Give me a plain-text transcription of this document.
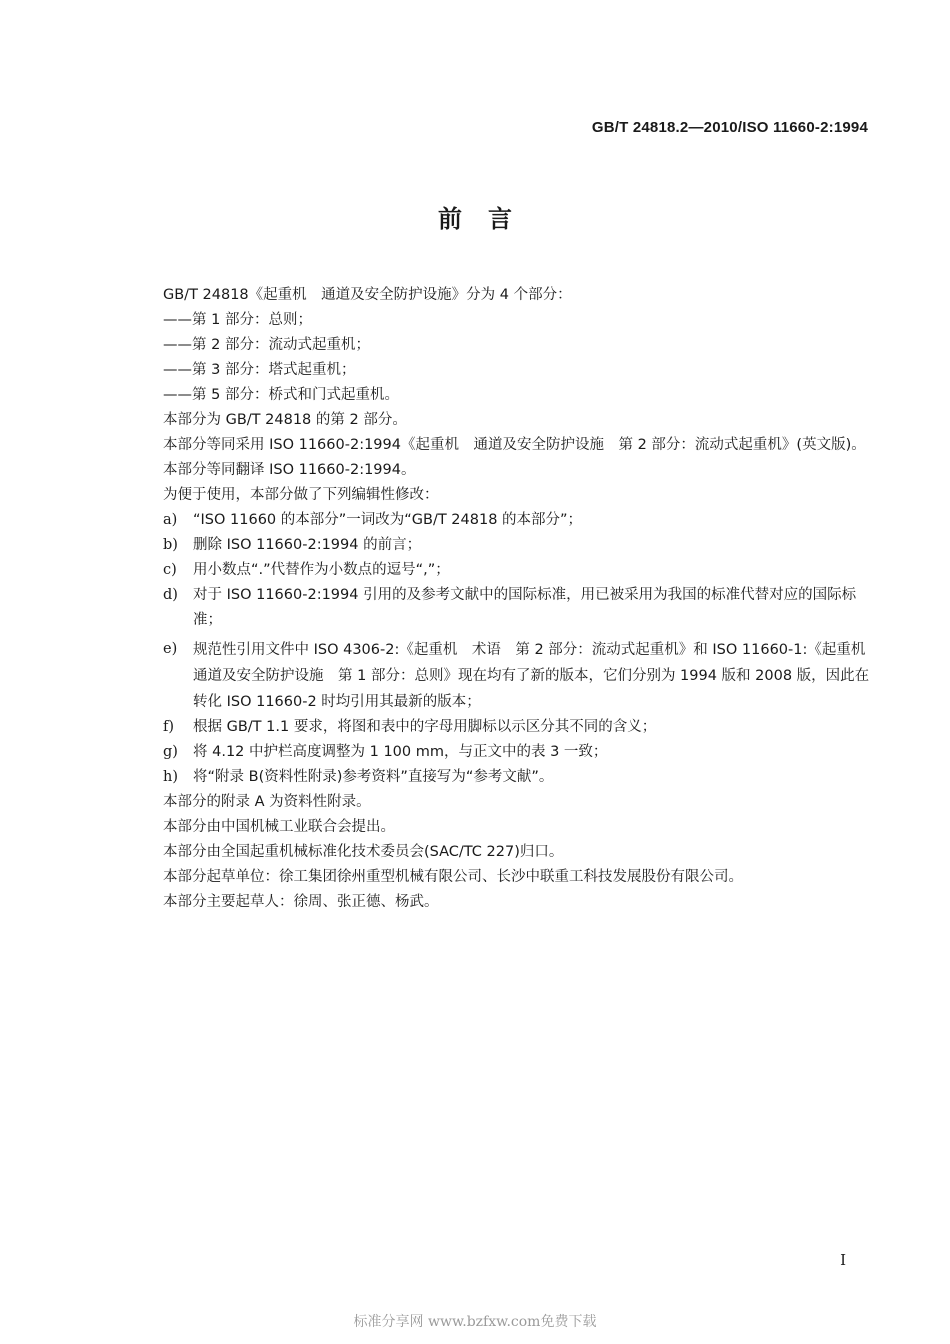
GB/T 24818.2—2010/ISO 11660-2:1994
前言

GB/T 24818《起重机　通道及安全防护设施》分为 4 个部分：

——第 1 部分：总则；

——第 2 部分：流动式起重机；

——第 3 部分：塔式起重机；

——第 5 部分：桥式和门式起重机。

本部分为 GB/T 24818 的第 2 部分。

本部分等同采用 ISO 11660-2:1994《起重机　通道及安全防护设施　第 2 部分：流动式起重机》(英文版)。

本部分等同翻译 ISO 11660-2:1994。

为便于使用，本部分做了下列编辑性修改：

a)	“ISO 11660 的本部分”一词改为“GB/T 24818 的本部分”；
b)	删除 ISO 11660-2:1994 的前言；
c)	用小数点“.”代替作为小数点的逗号“,”；
d)	对于 ISO 11660-2:1994 引用的及参考文献中的国际标准，用已被采用为我国的标准代替对应的国际标准；
e)	规范性引用文件中 ISO 4306-2:《起重机　术语　第 2 部分：流动式起重机》和 ISO 11660-1:《起重机　通道及安全防护设施　第 1 部分：总则》现在均有了新的版本，它们分别为 1994 版和 2008 版，因此在转化 ISO 11660-2 时均引用其最新的版本；
f)	根据 GB/T 1.1 要求，将图和表中的字母用脚标以示区分其不同的含义；
g)	将 4.12 中护栏高度调整为 1 100 mm，与正文中的表 3 一致；
h)	将“附录 B(资料性附录)参考资料”直接写为“参考文献”。

本部分的附录 A 为资料性附录。

本部分由中国机械工业联合会提出。

本部分由全国起重机械标准化技术委员会(SAC/TC 227)归口。

本部分起草单位：徐工集团徐州重型机械有限公司、长沙中联重工科技发展股份有限公司。

本部分主要起草人：徐周、张正德、杨武。

I
标准分享网 www.bzfxw.com免费下载
